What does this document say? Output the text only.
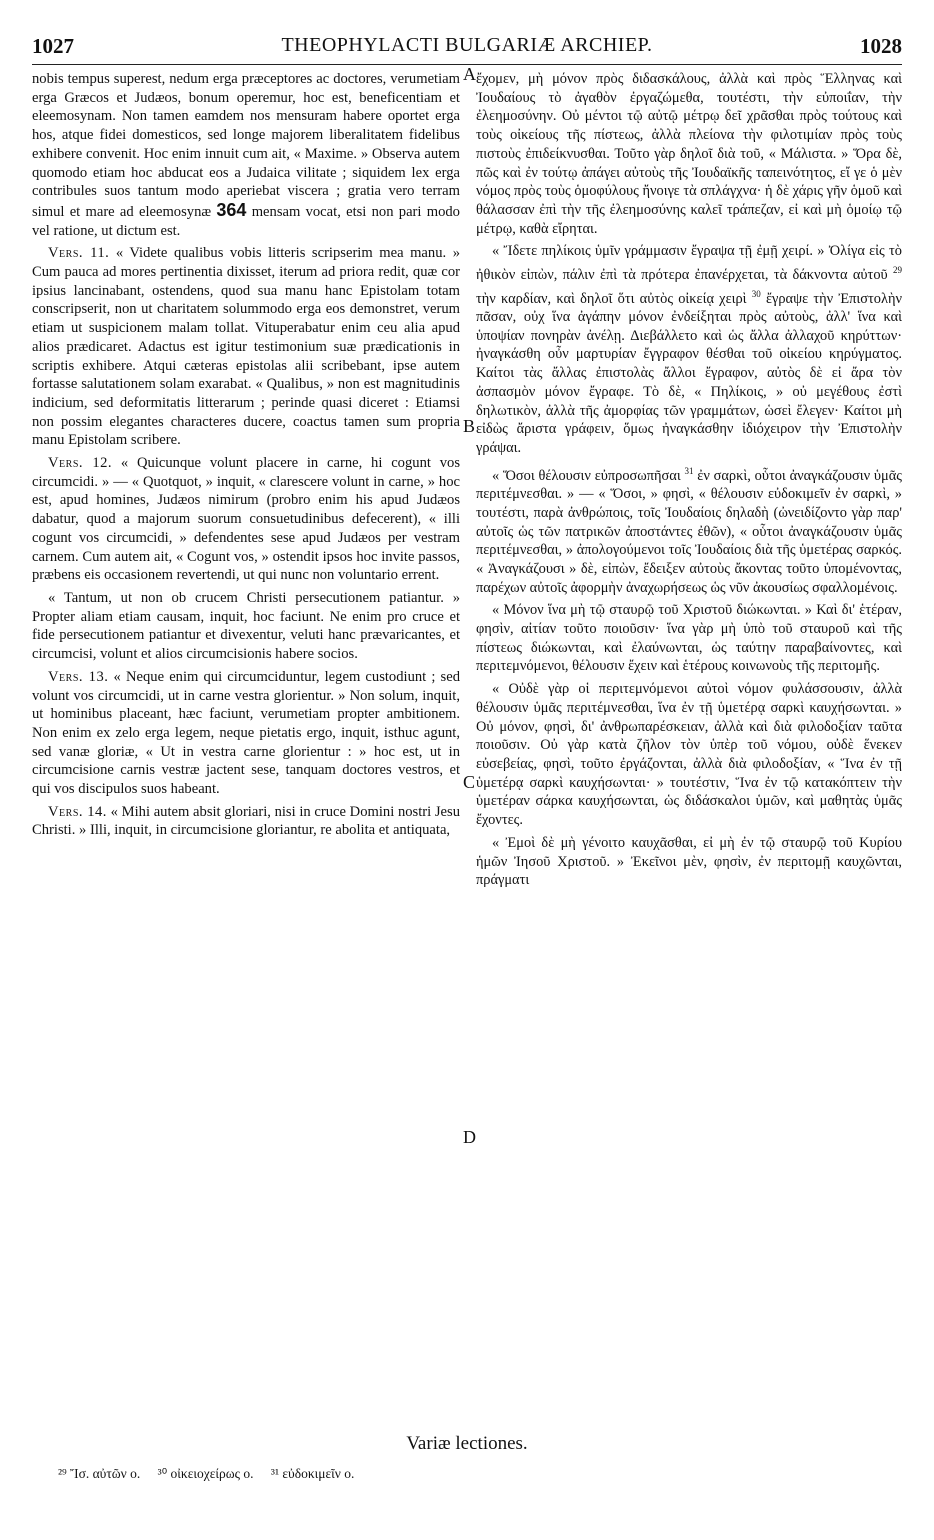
1027	THEOPHYLACTI BULGARIÆ ARCHIEP.	1028

nobis tempus superest, nedum erga præceptores ac doctores, verumetiam erga Græcos et Judæos, bonum operemur, hoc est, beneficentiam et eleemosynam. Non tamen eamdem nos mensuram habere oportet erga hos, atque fidei domesticos, sed longe majorem liberalitatem fidelibus exhibere convenit. Hoc enim innuit cum ait, « Maxime. » Observa autem quomodo etiam hoc abducat eos a Judaica vilitate ; siquidem lex erga contribules suos tantum modo aperiebat viscera ; gratia vero terram simul et mare ad eleemosynæ 364 mensam vocat, etsi non pari modo vel ratione, ut dictum est.

Vers. 11. « Videte qualibus vobis litteris scripserim mea manu. » Cum pauca ad mores pertinentia dixisset, iterum ad priora redit, quæ cor ipsius lancinabant, ostendens, quod sua manu hanc Epistolam totam conscripserit, non ut charitatem solummodo erga eos demonstret, verum etiam ut suspicionem malam tollat. Vituperabatur enim ceu alia apud alios prædicaret. Adactus est igitur testimonium suæ prædicationis in scriptis exhibere. Atqui cæteras epistolas alii scribebant, ipse autem fortasse salutationem solam exarabat. « Qualibus, » non est magnitudinis indicium, sed deformitatis litterarum ; perinde quasi diceret : Etiamsi non possim elegantes characteres ducere, coactus tamen sum propria manu Epistolam scribere.

Vers. 12. « Quicunque volunt placere in carne, hi cogunt vos circumcidi. » — « Quotquot, » inquit, « clarescere volunt in carne, » hoc est, apud homines, Judæos nimirum (probro enim his apud Judæos dabatur, quod a majorum suorum consuetudinibus defecerent), « illi cogunt vos circumcidi, » defendentes sese apud Judæos per vestram carnem. Cum autem ait, « Cogunt vos, » ostendit ipsos hoc invite passos, præbens eis occasionem revertendi, ut qui nunc non voluntario errent.

« Tantum, ut non ob crucem Christi persecutionem patiantur. » Propter aliam etiam causam, inquit, hoc faciunt. Ne enim pro cruce et fide persecutionem patiantur et divexentur, veluti hanc prævaricantes, et circumcisi, volunt et alios circumcisionis habere socios.

Vers. 13. « Neque enim qui circumciduntur, legem custodiunt ; sed volunt vos circumcidi, ut in carne vestra glorientur. » Non solum, inquit, ut hominibus placeant, hæc faciunt, verumetiam propter ambitionem. Non enim ex zelo erga legem, neque pietatis ergo, inquit, isthuc agunt, sed vanæ gloriæ, « Ut in vestra carne glorientur : » hoc est, ut in circumcisione carnis vestræ jactent sese, tanquam doctores vestros, et qui vos discipulos suos habeant.

Vers. 14. « Mihi autem absit gloriari, nisi in cruce Domini nostri Jesu Christi. » Illi, inquit, in circumcisione gloriantur, re abolita et antiquata,

A
B
C
D

ἔχομεν, μὴ μόνον πρὸς διδασκάλους, ἀλλὰ καὶ πρὸς Ἕλληνας καὶ Ἰουδαίους τὸ ἀγαθὸν ἐργαζώμεθα, τουτέστι, τὴν εὐποιΐαν, τὴν ἐλεημοσύνην. Οὐ μέντοι τῷ αὐτῷ μέτρῳ δεῖ χρᾶσθαι πρὸς τούτους καὶ τοὺς οἰκείους τῆς πίστεως, ἀλλὰ πλείονα τὴν φιλοτιμίαν πρὸς τοὺς πιστοὺς ἐπιδείκνυσθαι. Τοῦτο γὰρ δηλοῖ διὰ τοῦ, « Μάλιστα. » Ὅρα δὲ, πῶς καὶ ἐν τούτῳ ἀπάγει αὐτοὺς τῆς Ἰουδαϊκῆς ταπεινότητος, εἴ γε ὁ μὲν νόμος πρὸς τοὺς ὁμοφύλους ἤνοιγε τὰ σπλάγχνα· ἡ δὲ χάρις γῆν ὁμοῦ καὶ θάλασσαν ἐπὶ τὴν τῆς ἐλεημοσύνης καλεῖ τράπεζαν, εἰ καὶ μὴ ὁμοίῳ τῷ μέτρῳ, καθὰ εἴρηται.

« Ἴδετε πηλίκοις ὑμῖν γράμμασιν ἔγραψα τῇ ἐμῇ χειρί. » Ὀλίγα εἰς τὸ ἠθικὸν εἰπὼν, πάλιν ἐπὶ τὰ πρότερα ἐπανέρχεται, τὰ δάκνοντα αὐτοῦ $^{29}$ τὴν καρδίαν, καὶ δηλοῖ ὅτι αὐτὸς οἰκείᾳ χειρὶ $^{30}$ ἔγραψε τὴν Ἐπιστολὴν πᾶσαν, οὐχ ἵνα ἀγάπην μόνον ἐνδείξηται πρὸς αὐτοὺς, ἀλλ' ἵνα καὶ ὑποψίαν πονηρὰν ἀνέλῃ. Διεβάλλετο καὶ ὡς ἄλλα ἀλλαχοῦ κηρύττων· ἠναγκάσθη οὖν μαρτυρίαν ἔγγραφον θέσθαι τοῦ οἰκείου κηρύγματος. Καίτοι τὰς ἄλλας ἐπιστολὰς ἄλλοι ἔγραφον, αὐτὸς δὲ εἰ ἄρα τὸν ἀσπασμὸν μόνον ἔγραφε. Τὸ δὲ, « Πηλίκοις, » οὐ μεγέθους ἐστὶ δηλωτικὸν, ἀλλὰ τῆς ἀμορφίας τῶν γραμμάτων, ὡσεὶ ἔλεγεν· Καίτοι μὴ εἰδὼς ἄριστα γράφειν, ὅμως ἠναγκάσθην ἰδιόχειρον τὴν Ἐπιστολὴν γράψαι.

« Ὅσοι θέλουσιν εὐπροσωπῆσαι $^{31}$ ἐν σαρκὶ, οὗτοι ἀναγκάζουσιν ὑμᾶς περιτέμνεσθαι. » — « Ὅσοι, » φησὶ, « θέλουσιν εὐδοκιμεῖν ἐν σαρκὶ, » τουτέστι, παρὰ ἀνθρώποις, τοῖς Ἰουδαίοις δηλαδὴ (ὠνειδίζοντο γὰρ παρ' αὐτοῖς ὡς τῶν πατρικῶν ἀποστάντες ἐθῶν), « οὗτοι ἀναγκάζουσιν ὑμᾶς περιτέμνεσθαι, » ἀπολογούμενοι τοῖς Ἰουδαίοις διὰ τῆς ὑμετέρας σαρκός. « Ἀναγκάζουσι » δὲ, εἰπὼν, ἔδειξεν αὐτοὺς ἄκοντας τοῦτο ὑπομένοντας, παρέχων αὐτοῖς ἀφορμὴν ἀναχωρήσεως ὡς νῦν ἀκουσίως σφαλλομένοις.

« Μόνον ἵνα μὴ τῷ σταυρῷ τοῦ Χριστοῦ διώκωνται. » Καὶ δι' ἑτέραν, φησὶν, αἰτίαν τοῦτο ποιοῦσιν· ἵνα γὰρ μὴ ὑπὸ τοῦ σταυροῦ καὶ τῆς πίστεως διώκωνται, καὶ ἐλαύνωνται, ὡς ταύτην παραβαίνοντες, καὶ περιτεμνόμενοι, θέλουσιν ἔχειν καὶ ἑτέρους κοινωνοὺς τῆς περιτομῆς.

« Οὐδὲ γὰρ οἱ περιτεμνόμενοι αὐτοὶ νόμον φυλάσσουσιν, ἀλλὰ θέλουσιν ὑμᾶς περιτέμνεσθαι, ἵνα ἐν τῇ ὑμετέρᾳ σαρκὶ καυχήσωνται. » Οὐ μόνον, φησὶ, δι' ἀνθρωπαρέσκειαν, ἀλλὰ καὶ διὰ φιλοδοξίαν ταῦτα ποιοῦσιν. Οὐ γὰρ κατὰ ζῆλον τὸν ὑπὲρ τοῦ νόμου, οὐδὲ ἕνεκεν εὐσεβείας, φησὶ, τοῦτο ἐργάζονται, ἀλλὰ διὰ φιλοδοξίαν, « Ἵνα ἐν τῇ ὑμετέρᾳ σαρκὶ καυχήσωνται· » τουτέστιν, Ἵνα ἐν τῷ κατακόπτειν τὴν ὑμετέραν σάρκα καυχήσωνται, ὡς διδάσκαλοι ὑμῶν, καὶ μαθητὰς ὑμᾶς ἔχοντες.

« Ἐμοὶ δὲ μὴ γένοιτο καυχᾶσθαι, εἰ μὴ ἐν τῷ σταυρῷ τοῦ Κυρίου ἡμῶν Ἰησοῦ Χριστοῦ. » Ἐκεῖνοι μὲν, φησὶν, ἐν περιτομῇ καυχῶνται, πράγματι

Variæ lectiones.
²⁹ Ἴσ. αὐτῶν ο. ³⁰ οἰκειοχείρως ο. ³¹ εὐδοκιμεῖν ο.
